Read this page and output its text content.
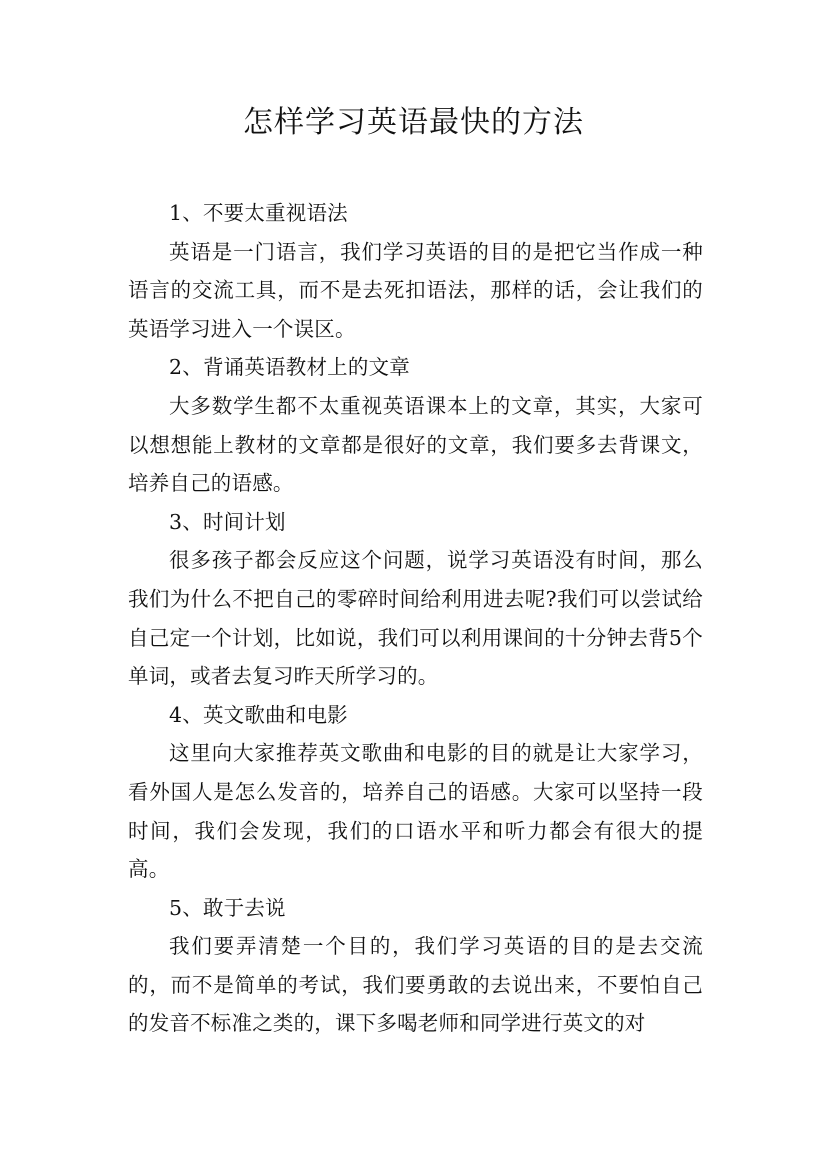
怎样学习英语最快的方法

1、不要太重视语法

英语是一门语言，我们学习英语的目的是把它当作成一种语言的交流工具，而不是去死扣语法，那样的话，会让我们的英语学习进入一个误区。

2、背诵英语教材上的文章

大多数学生都不太重视英语课本上的文章，其实，大家可以想想能上教材的文章都是很好的文章，我们要多去背课文，培养自己的语感。

3、时间计划

很多孩子都会反应这个问题，说学习英语没有时间，那么我们为什么不把自己的零碎时间给利用进去呢?我们可以尝试给自己定一个计划，比如说，我们可以利用课间的十分钟去背5个单词，或者去复习昨天所学习的。

4、英文歌曲和电影

这里向大家推荐英文歌曲和电影的目的就是让大家学习，看外国人是怎么发音的，培养自己的语感。大家可以坚持一段时间，我们会发现，我们的口语水平和听力都会有很大的提高。

5、敢于去说

我们要弄清楚一个目的，我们学习英语的目的是去交流的，而不是简单的考试，我们要勇敢的去说出来，不要怕自己的发音不标准之类的，课下多喝老师和同学进行英文的对
